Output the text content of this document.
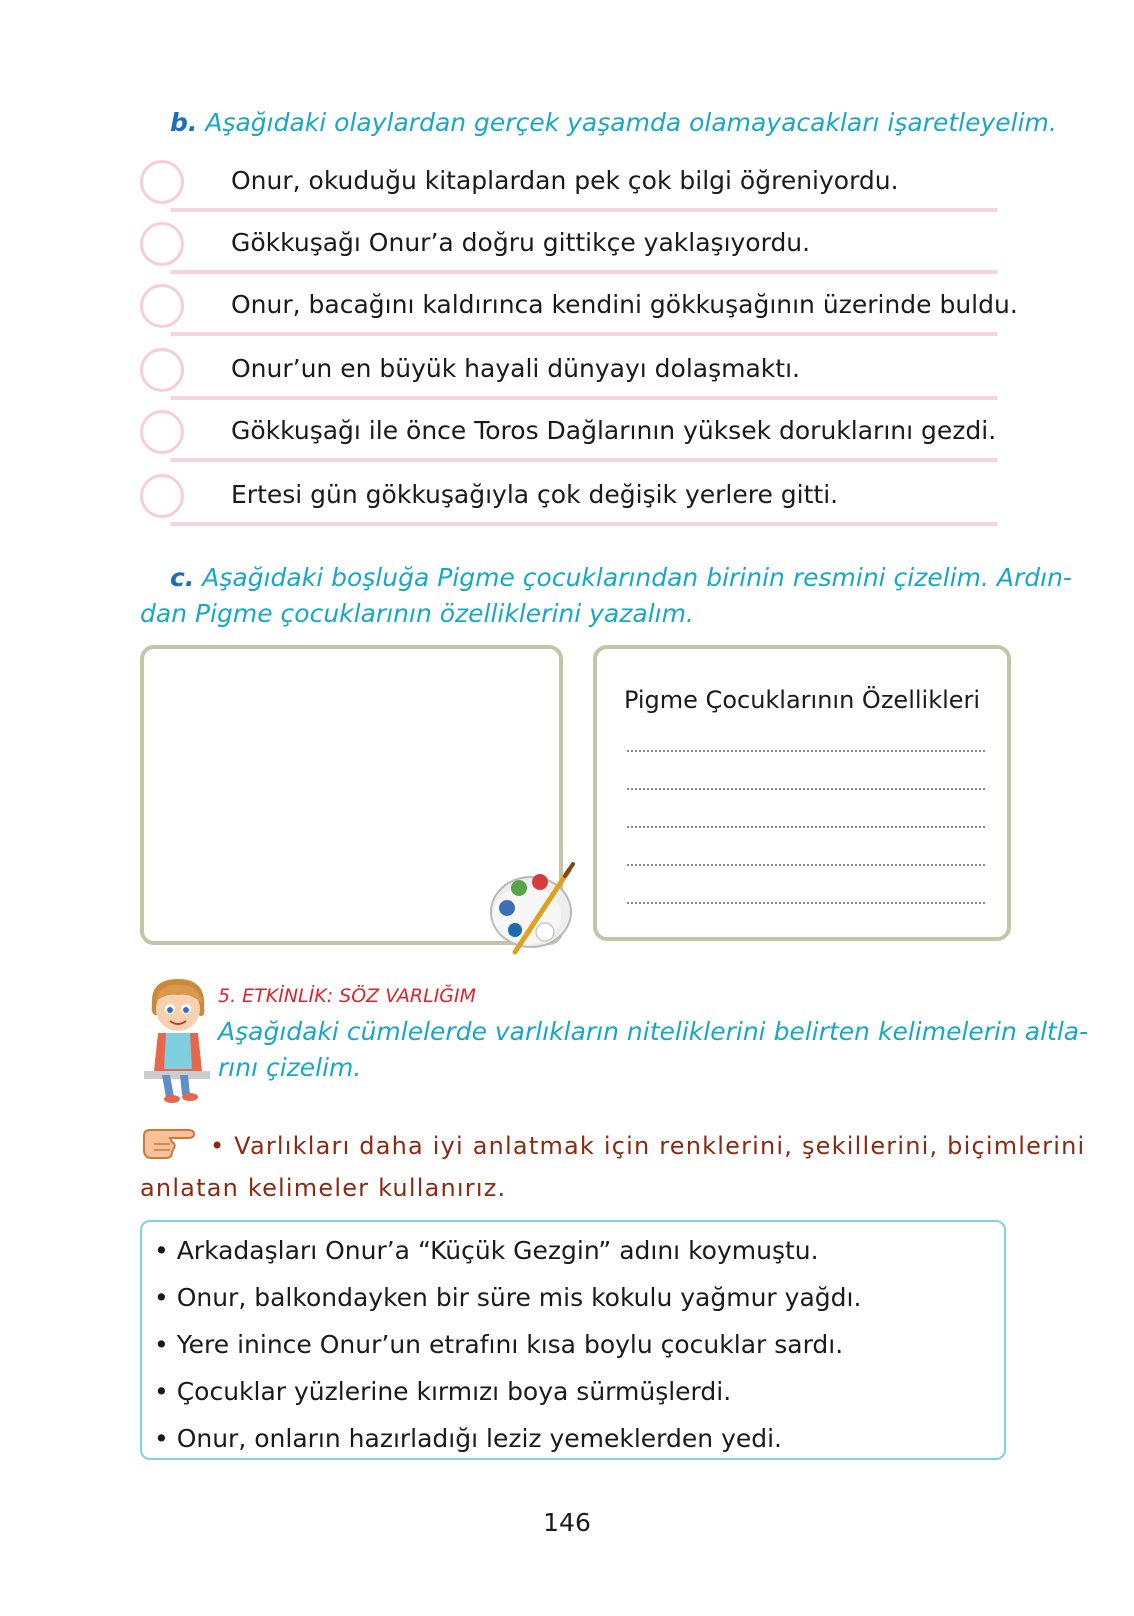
b. Aşağıdaki olaylardan gerçek yaşamda olamayacakları işaretleyelim.
Onur, okuduğu kitaplardan pek çok bilgi öğreniyordu.
Gökkuşağı Onur’a doğru gittikçe yaklaşıyordu.
Onur, bacağını kaldırınca kendini gökkuşağının üzerinde buldu.
Onur’un en büyük hayali dünyayı dolaşmaktı.
Gökkuşağı ile önce Toros Dağlarının yüksek doruklarını gezdi.
Ertesi gün gökkuşağıyla çok değişik yerlere gitti.
c. Aşağıdaki boşluğa Pigme çocuklarından birinin resmini çizelim. Ardın-
dan Pigme çocuklarının özelliklerini yazalım.
Pigme Çocuklarının Özellikleri
5. ETKİNLİK: SÖZ VARLIĞIM
Aşağıdaki cümlelerde varlıkların niteliklerini belirten kelimelerin altla-
rını çizelim.
• Varlıkları daha iyi anlatmak için renklerini, şekillerini, biçimlerini
anlatan kelimeler kullanırız.
• Arkadaşları Onur’a “Küçük Gezgin” adını koymuştu.
• Onur, balkondayken bir süre mis kokulu yağmur yağdı.
• Yere inince Onur’un etrafını kısa boylu çocuklar sardı.
• Çocuklar yüzlerine kırmızı boya sürmüşlerdi.
• Onur, onların hazırladığı leziz yemeklerden yedi.
146
